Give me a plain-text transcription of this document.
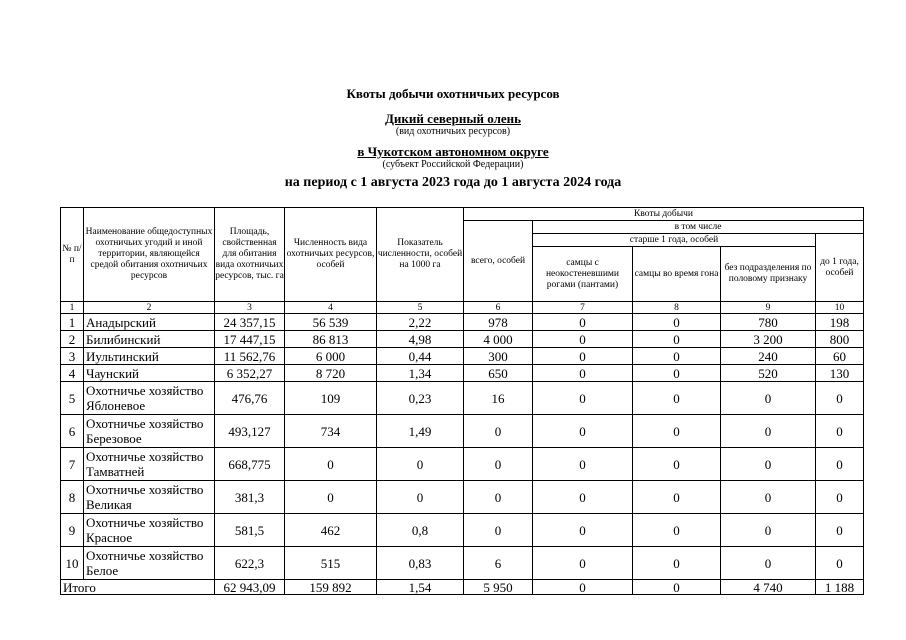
Квоты добычи охотничьих ресурсов
Дикий северный олень
(вид охотничьих ресурсов)
в Чукотском автономном округе
(субъект Российской Федерации)
на период с 1 августа 2023 года до 1 августа 2024 года
№ п/п	Наименование общедоступных охотничьих угодий и иной территории, являющейся средой обитания охотничьих ресурсов	Площадь, свойственная для обитания вида охотничьих ресурсов, тыс. га	Численность вида охотничьих ресурсов, особей	Показатель численности, особей на 1000 га	Квоты добычи				
					всего, особей	в том числе			
						старше 1 года, особей			до 1 года, особей
						самцы с неокостеневшими рогами (пантами)	самцы во время гона	без подразделения по половому признаку	
1	2	3	4	5	6	7	8	9	10
1	Анадырский	24 357,15	56 539	2,22	978	0	0	780	198
2	Билибинский	17 447,15	86 813	4,98	4 000	0	0	3 200	800
3	Иультинский	11 562,76	6 000	0,44	300	0	0	240	60
4	Чаунский	6 352,27	8 720	1,34	650	0	0	520	130
5	Охотничье хозяйство
Яблоневое	476,76	109	0,23	16	0	0	0	0
6	Охотничье хозяйство
Березовое	493,127	734	1,49	0	0	0	0	0
7	Охотничье хозяйство
Тамватней	668,775	0	0	0	0	0	0	0
8	Охотничье хозяйство
Великая	381,3	0	0	0	0	0	0	0
9	Охотничье хозяйство
Красное	581,5	462	0,8	0	0	0	0	0
10	Охотничье хозяйство
Белое	622,3	515	0,83	6	0	0	0	0
Итого		62 943,09	159 892	1,54	5 950	0	0	4 740	1 188
